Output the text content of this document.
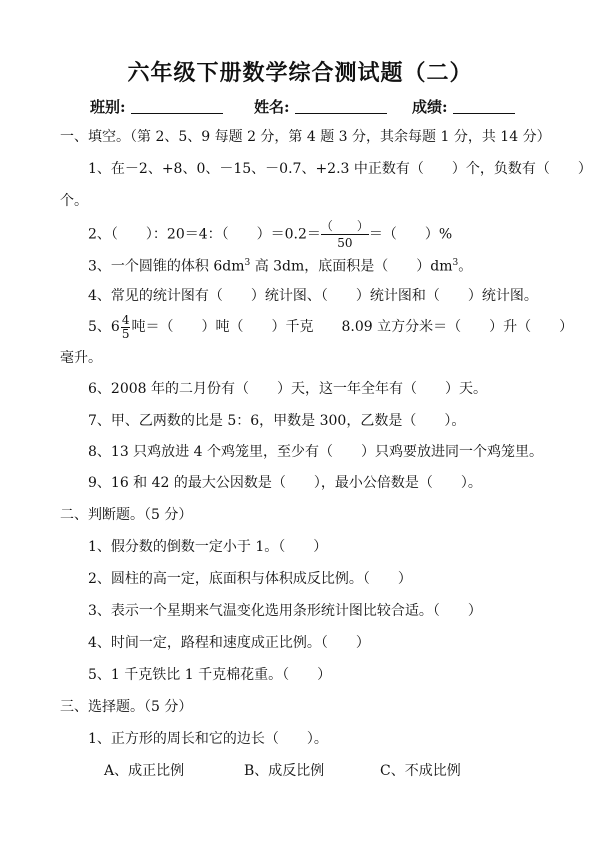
六年级下册数学综合测试题（二）
班别:	姓名:	成绩:
一、填空。（第 2、5、9 每题 2 分，第 4 题 3 分，其余每题 1 分，共 14 分）
1、在－2、+8、0、－15、－0.7、+2.3 中正数有（　　）个，负数有（　　）
个。
2、（　　）：20＝4：（　　）$=0.2= \frac{( )}{50}$ ＝（　　）%
3、一个圆锥的体积 $6dm^3$ 高 3dm，底面积是（　　）$dm^3$。
4、常见的统计图有（　　）统计图、（　　）统计图和（　　）统计图。
5、$6 \frac{4}{5}$ 吨＝（　　）吨（　　）千克　　8.09 立方分米＝（　　）升（　　）
毫升。
6、2008 年的二月份有（　　）天，这一年全年有（　　）天。
7、甲、乙两数的比是 5：6，甲数是 300，乙数是（　　）。
8、13 只鸡放进 4 个鸡笼里，至少有（　　）只鸡要放进同一个鸡笼里。
9、16 和 42 的最大公因数是（　　），最小公倍数是（　　）。
二、判断题。（5 分）
1、假分数的倒数一定小于 1。（　　）
2、圆柱的高一定，底面积与体积成反比例。（　　）
3、表示一个星期来气温变化选用条形统计图比较合适。（　　）
4、时间一定，路程和速度成正比例。（　　）
5、1 千克铁比 1 千克棉花重。（　　）
三、选择题。（5 分）
1、正方形的周长和它的边长（　　）。
A、成正比例	B、成反比例	C、不成比例
